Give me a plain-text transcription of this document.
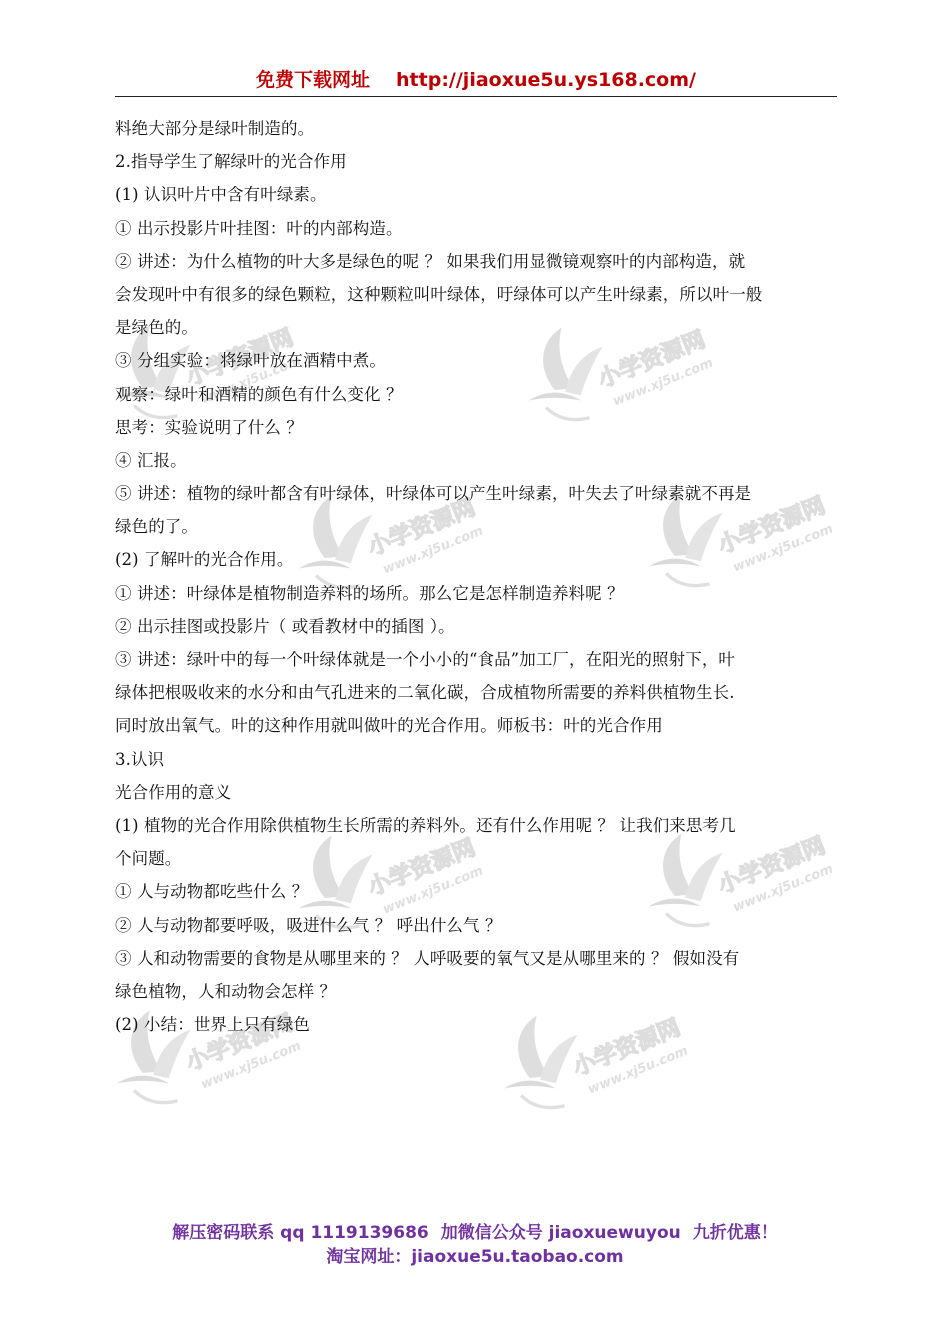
免费下载网址 http://jiaoxue5u.ys168.com/
料绝大部分是绿叶制造的。
2.指导学生了解绿叶的光合作用
(1) 认识叶片中含有叶绿素。
① 出示投影片叶挂图：叶的内部构造。
② 讲述：为什么植物的叶大多是绿色的呢 ？ 如果我们用显微镜观察叶的内部构造，就
会发现叶中有很多的绿色颗粒，这种颗粒叫叶绿体，吁绿体可以产生叶绿素，所以叶一般
是绿色的。
③ 分组实验：将绿叶放在酒精中煮。
观察：绿叶和酒精的颜色有什么变化 ？
思考：实验说明了什么 ？
④ 汇报。
⑤ 讲述：植物的绿叶都含有叶绿体，叶绿体可以产生叶绿素，叶失去了叶绿素就不再是
绿色的了。
(2) 了解叶的光合作用。
① 讲述：叶绿体是植物制造养料的场所。那么它是怎样制造养料呢 ？
② 出示挂图或投影片（ 或看教材中的插图 ）。
③ 讲述：绿叶中的每一个叶绿体就是一个小小的“食品”加工厂，在阳光的照射下，叶
绿体把根吸收来的水分和由气孔进来的二氧化碳，合成植物所需要的养料供植物生长.
同时放出氧气。叶的这种作用就叫做叶的光合作用。师板书：叶的光合作用
3.认识
光合作用的意义
(1) 植物的光合作用除供植物生长所需的养料外。还有什么作用呢 ？ 让我们来思考几
个问题。
① 人与动物都吃些什么 ？
② 人与动物都要呼吸，吸进什么气 ？ 呼出什么气 ？
③ 人和动物需要的食物是从哪里来的 ？ 人呼吸要的氧气又是从哪里来的 ？ 假如没有
绿色植物，人和动物会怎样 ？
(2) 小结：世界上只有绿色
解压密码联系 qq 1119139686 加微信公众号 jiaoxuewuyou 九折优惠！
淘宝网址：jiaoxue5u.taobao.com
